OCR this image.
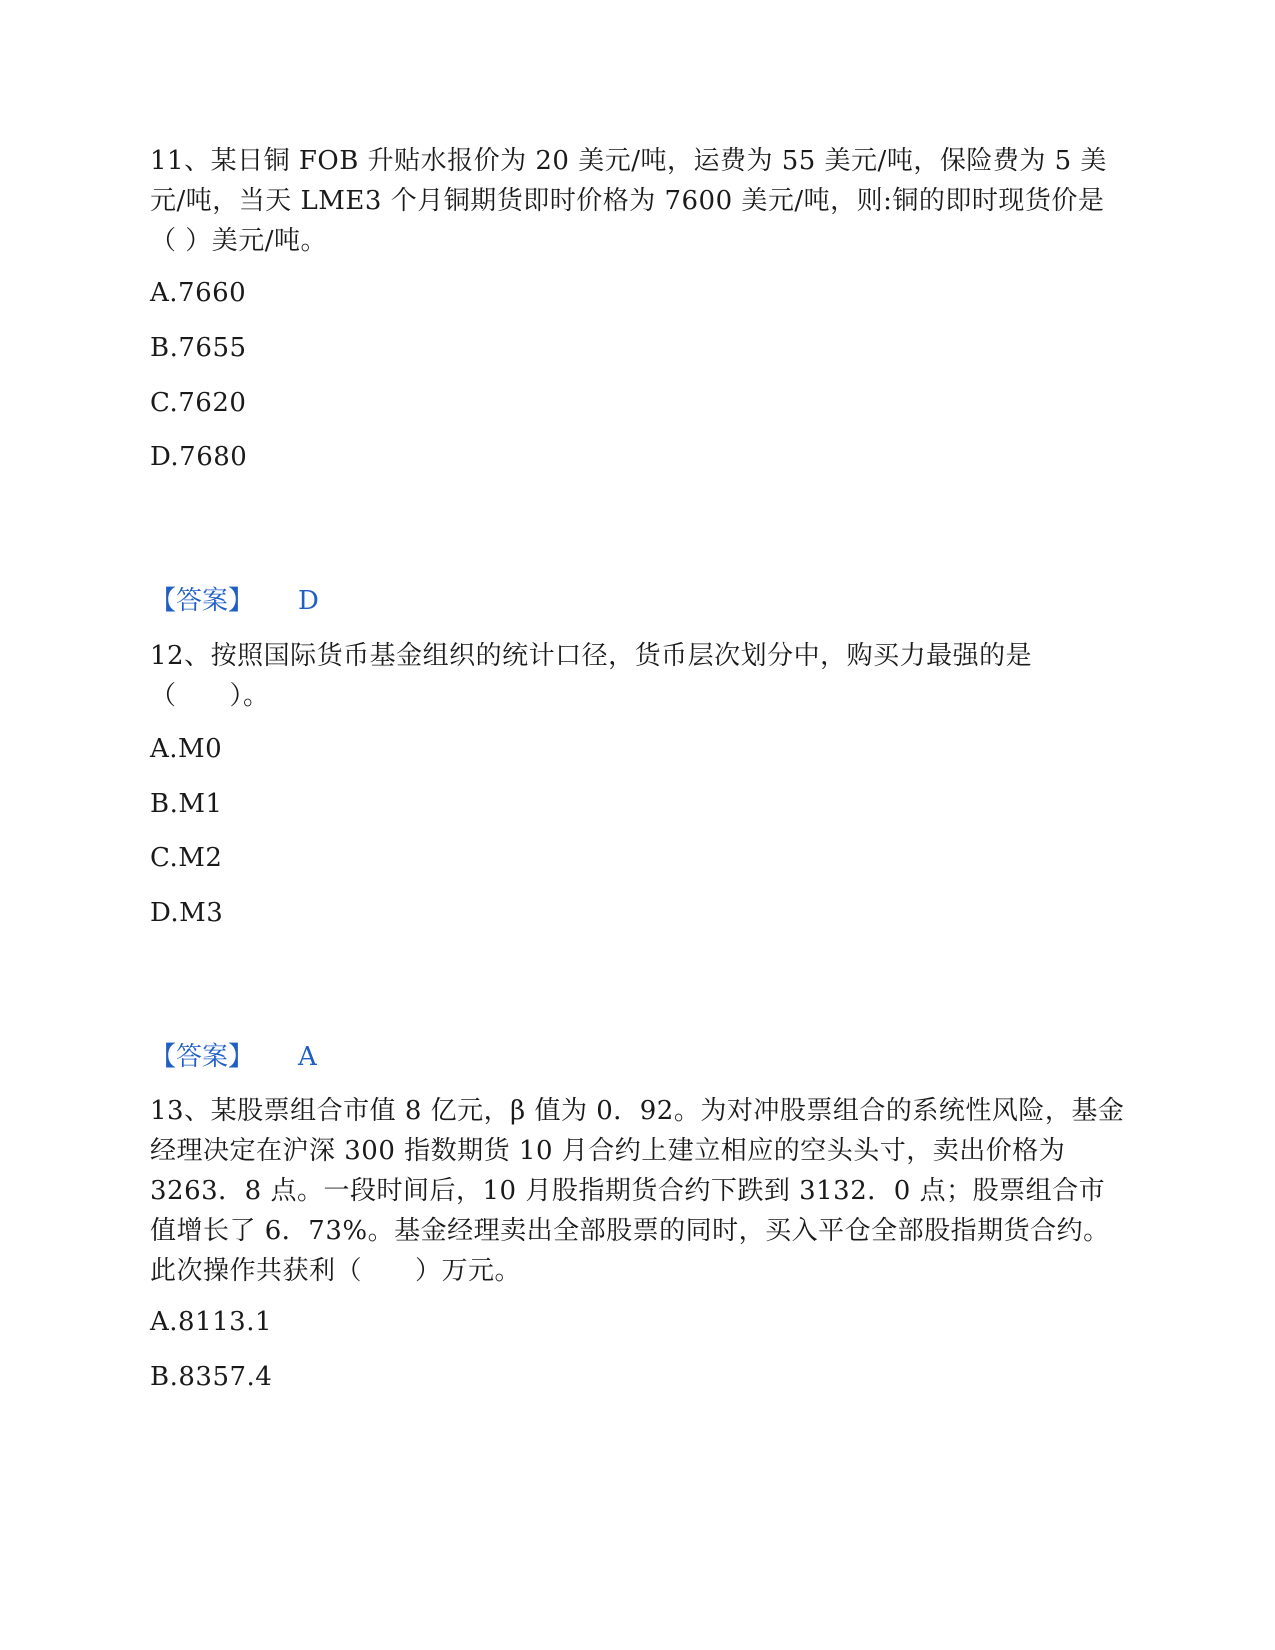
11、某日铜 FOB 升贴水报价为 20 美元/吨，运费为 55 美元/吨，保险费为 5 美元/吨，当天 LME3 个月铜期货即时价格为 7600 美元/吨，则:铜的即时现货价是（ ）美元/吨。
A.7660
B.7655
C.7620
D.7680
【答案】 D
12、按照国际货币基金组织的统计口径，货币层次划分中，购买力最强的是（　　）。
A.M0
B.M1
C.M2
D.M3
【答案】 A
13、某股票组合市值 8 亿元，β 值为 0．92。为对冲股票组合的系统性风险，基金经理决定在沪深 300 指数期货 10 月合约上建立相应的空头头寸，卖出价格为 3263．8 点。一段时间后，10 月股指期货合约下跌到 3132．0 点；股票组合市值增长了 6．73%。基金经理卖出全部股票的同时，买入平仓全部股指期货合约。此次操作共获利（　　）万元。
A.8113.1
B.8357.4
